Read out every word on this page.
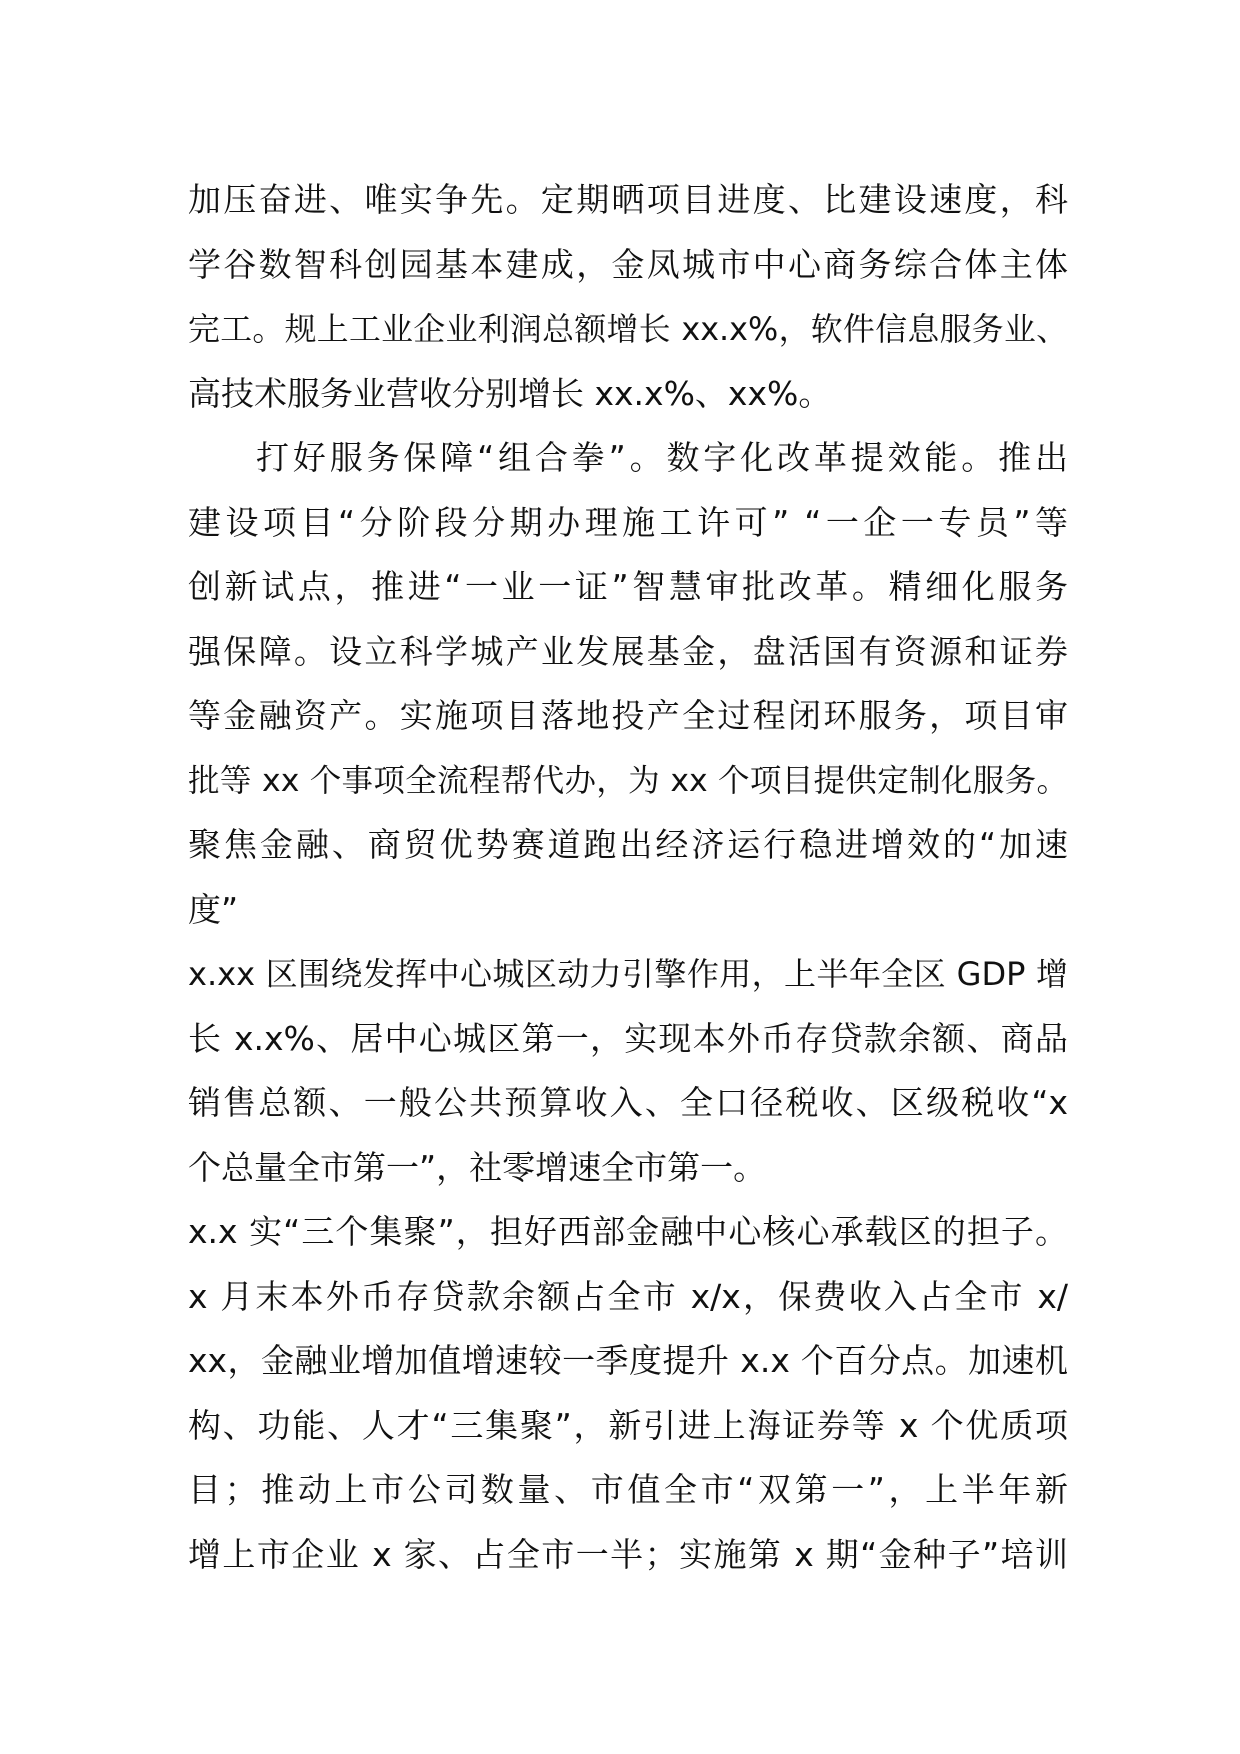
加压奋进、唯实争先。定期晒项目进度、比建设速度，科
学谷数智科创园基本建成，金凤城市中心商务综合体主体
完工。规上工业企业利润总额增长 xx.x%，软件信息服务业、
高技术服务业营收分别增长 xx.x%、xx%。
打好服务保障“组合拳”。数字化改革提效能。推出
建设项目“分阶段分期办理施工许可” “一企一专员”等
创新试点，推进“一业一证”智慧审批改革。精细化服务
强保障。设立科学城产业发展基金，盘活国有资源和证券
等金融资产。实施项目落地投产全过程闭环服务，项目审
批等 xx 个事项全流程帮代办，为 xx 个项目提供定制化服务。
聚焦金融、商贸优势赛道跑出经济运行稳进增效的“加速
度”
x.xx 区围绕发挥中心城区动力引擎作用，上半年全区 GDP 增
长 x.x%、居中心城区第一，实现本外币存贷款余额、商品
销售总额、一般公共预算收入、全口径税收、区级税收“x
个总量全市第一”，社零增速全市第一。
x.x 实“三个集聚”，担好西部金融中心核心承载区的担子。
x 月末本外币存贷款余额占全市 x/x，保费收入占全市 x/
xx，金融业增加值增速较一季度提升 x.x 个百分点。加速机
构、功能、人才“三集聚”，新引进上海证券等 x 个优质项
目；推动上市公司数量、市值全市“双第一”，上半年新
增上市企业 x 家、占全市一半；实施第 x 期“金种子”培训
